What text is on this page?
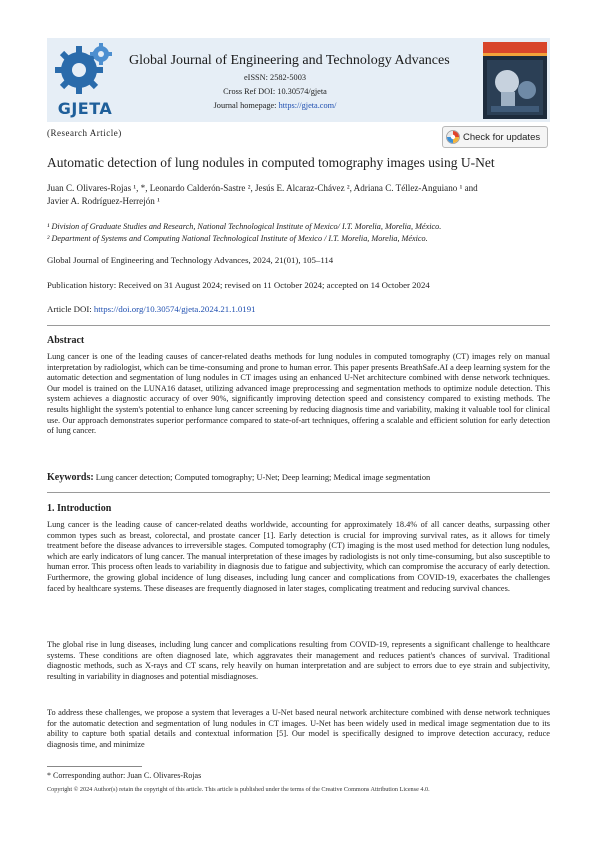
GJETA
Global Journal of Engineering and Technology Advances
eISSN: 2582-5003
Cross Ref DOI: 10.30574/gjeta
Journal homepage: https://gjeta.com/
(Research Article)	Check for updates
Automatic detection of lung nodules in computed tomography images using U-Net
Juan C. Olivares-Rojas ¹, *, Leonardo Calderón-Sastre ², Jesús E. Alcaraz-Chávez ², Adriana C. Téllez-Anguiano ¹ and
Javier A. Rodríguez-Herrejón ¹
¹ Division of Graduate Studies and Research, National Technological Institute of Mexico/ I.T. Morelia, Morelia, México.
² Department of Systems and Computing National Technological Institute of Mexico / I.T. Morelia, Morelia, México.
Global Journal of Engineering and Technology Advances, 2024, 21(01), 105–114
Publication history: Received on 31 August 2024; revised on 11 October 2024; accepted on 14 October 2024
Article DOI: https://doi.org/10.30574/gjeta.2024.21.1.0191
Abstract

Lung cancer is one of the leading causes of cancer-related deaths methods for lung nodules in computed tomography (CT) images rely on manual interpretation by radiologist, which can be time-consuming and prone to human error. This paper presents BreathSafe.AI a deep learning system for the automatic detection and segmentation of lung nodules in CT images using an enhanced U-Net architecture combined with dense network techniques. Our model is trained on the LUNA16 dataset, utilizing advanced image preprocessing and segmentation methods to optimize nodule detection. This system achieves a diagnostic accuracy of over 90%, significantly improving detection speed and consistency compared to existing methods. The results highlight the system's potential to enhance lung cancer screening by reducing diagnosis time and variability, making it valuable tool for clinical use. Our approach demonstrates superior performance compared to state-of-art techniques, offering a scalable and efficient solution for early detection of lung cancer.

Keywords: Lung cancer detection; Computed tomography; U-Net; Deep learning; Medical image segmentation
1. Introduction

Lung cancer is the leading cause of cancer-related deaths worldwide, accounting for approximately 18.4% of all cancer deaths, surpassing other common types such as breast, colorectal, and prostate cancer [1]. Early detection is crucial for improving survival rates, as it allows for timely treatment before the disease advances to irreversible stages. Computed tomography (CT) imaging is the most used method for detection lung nodules, which are early indicators of lung cancer. The manual interpretation of these images by radiologists is not only time-consuming, but also susceptible to human error. This process often leads to variability in diagnosis due to fatigue and subjectivity, which can compromise the accuracy of early detection. Furthermore, the growing global incidence of lung diseases, including lung cancer and complications from COVID-19, exacerbates the challenges faced by healthcare systems. These diseases are frequently diagnosed in later stages, complicating treatment and reducing survival chances.

The global rise in lung diseases, including lung cancer and complications resulting from COVID-19, represents a significant challenge to healthcare systems. These conditions are often diagnosed late, which aggravates their management and reduces patient's chances of survival. Traditional diagnostic methods, such as X-rays and CT scans, rely heavily on human interpretation and are subject to errors due to eye strain and subjectivity, resulting in variability in diagnoses and potential misdiagnoses.

To address these challenges, we propose a system that leverages a U-Net based neural network architecture combined with dense network techniques for the automatic detection and segmentation of lung nodules in CT images. U-Net has been widely used in medical image segmentation due to its ability to capture both spatial details and contextual information [5]. Our model is specifically designed to improve detection accuracy, reduce diagnosis time, and minimize

* Corresponding author: Juan C. Olivares-Rojas
Copyright © 2024 Author(s) retain the copyright of this article. This article is published under the terms of the Creative Commons Attribution License 4.0.
